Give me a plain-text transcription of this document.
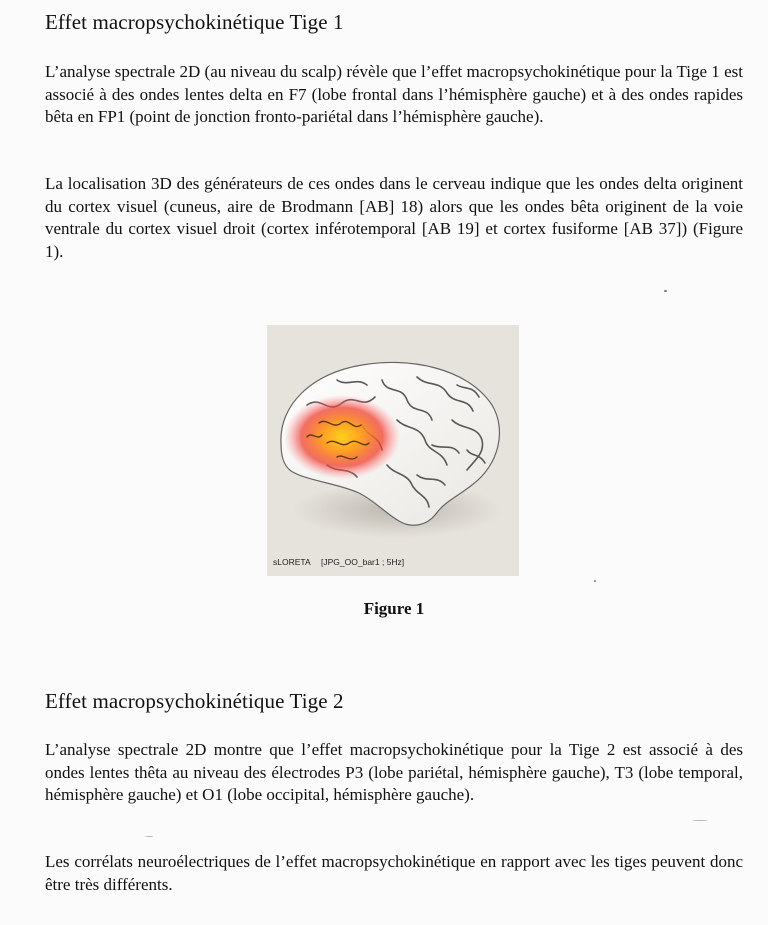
Effet macropsychokinétique Tige 1

L’analyse spectrale 2D (au niveau du scalp) révèle que l’effet macropsychokinétique pour la Tige 1 est associé à des ondes lentes delta en F7 (lobe frontal dans l’hémisphère gauche) et à des ondes rapides bêta en FP1 (point de jonction fronto-pariétal dans l’hémisphère gauche).

La localisation 3D des générateurs de ces ondes dans le cerveau indique que les ondes delta originent du cortex visuel (cuneus, aire de Brodmann [AB] 18) alors que les ondes bêta originent de la voie ventrale du cortex visuel droit (cortex inférotemporal [AB 19] et cortex fusiforme [AB 37]) (Figure 1).

sLORETA [JPG_OO_bar1 ; 5Hz]

Figure 1

Effet macropsychokinétique Tige 2

L’analyse spectrale 2D montre que l’effet macropsychokinétique pour la Tige 2 est associé à des ondes lentes thêta au niveau des électrodes P3 (lobe pariétal, hémisphère gauche), T3 (lobe temporal, hémisphère gauche) et O1 (lobe occipital, hémisphère gauche).

Les corrélats neuroélectriques de l’effet macropsychokinétique en rapport avec les tiges peuvent donc être très différents.
